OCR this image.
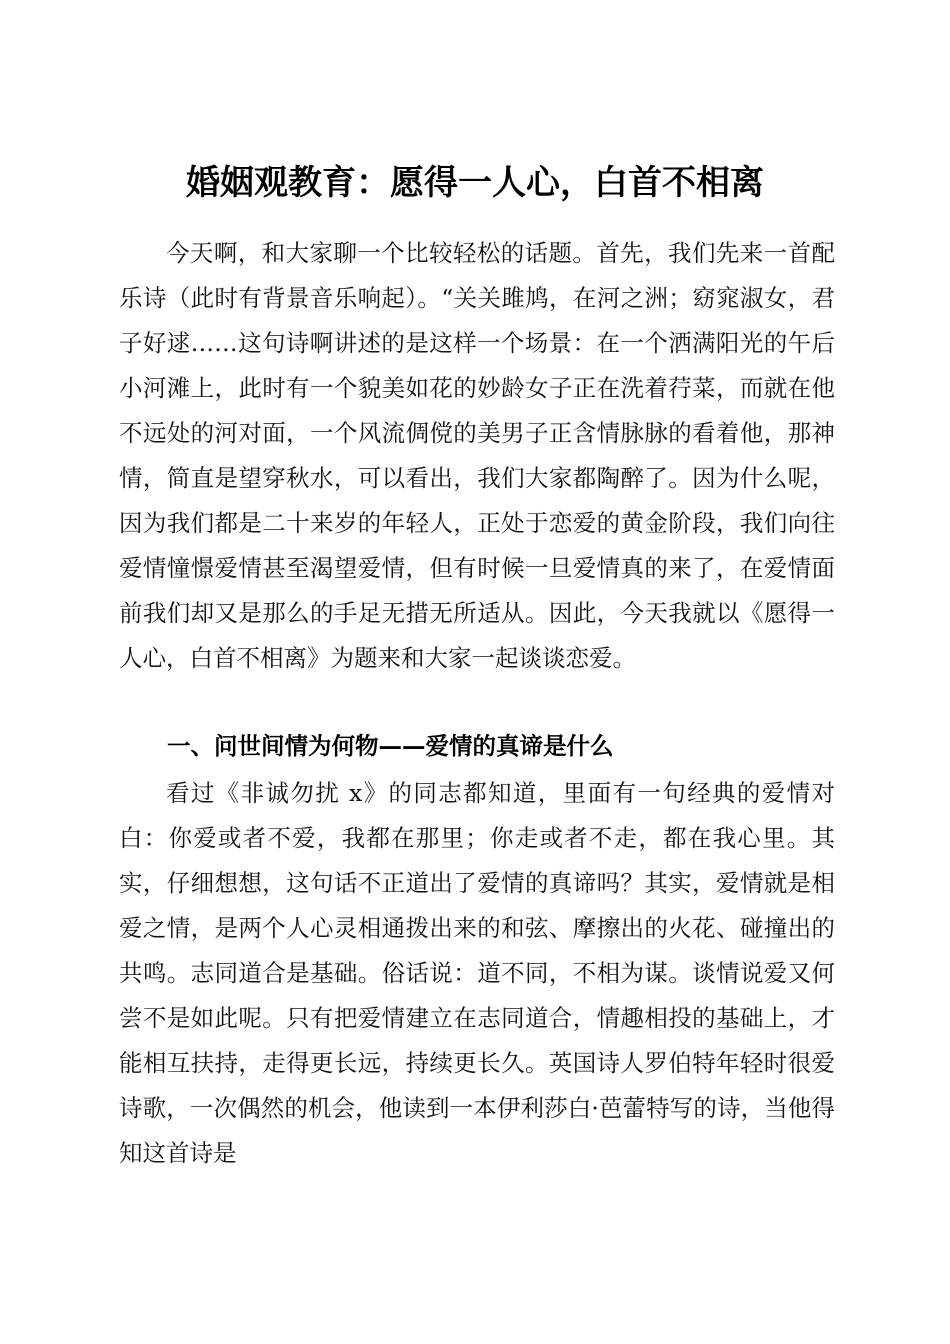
婚姻观教育：愿得一人心，白首不相离

今天啊，和大家聊一个比较轻松的话题。首先，我们先来一首配乐诗（此时有背景音乐响起）。“关关雎鸠，在河之洲；窈窕淑女，君子好逑……这句诗啊讲述的是这样一个场景：在一个洒满阳光的午后小河滩上，此时有一个貌美如花的妙龄女子正在洗着荇菜，而就在他不远处的河对面，一个风流倜傥的美男子正含情脉脉的看着他，那神情，简直是望穿秋水，可以看出，我们大家都陶醉了。因为什么呢，因为我们都是二十来岁的年轻人，正处于恋爱的黄金阶段，我们向往爱情憧憬爱情甚至渴望爱情，但有时候一旦爱情真的来了，在爱情面前我们却又是那么的手足无措无所适从。因此，今天我就以《愿得一人心，白首不相离》为题来和大家一起谈谈恋爱。

一、问世间情为何物——爱情的真谛是什么

看过《非诚勿扰 x》的同志都知道，里面有一句经典的爱情对白：你爱或者不爱，我都在那里；你走或者不走，都在我心里。其实，仔细想想，这句话不正道出了爱情的真谛吗？其实，爱情就是相爱之情，是两个人心灵相通拨出来的和弦、摩擦出的火花、碰撞出的共鸣。志同道合是基础。俗话说：道不同，不相为谋。谈情说爱又何尝不是如此呢。只有把爱情建立在志同道合，情趣相投的基础上，才能相互扶持，走得更长远，持续更长久。英国诗人罗伯特年轻时很爱诗歌，一次偶然的机会，他读到一本伊利莎白·芭蕾特写的诗，当他得知这首诗是
